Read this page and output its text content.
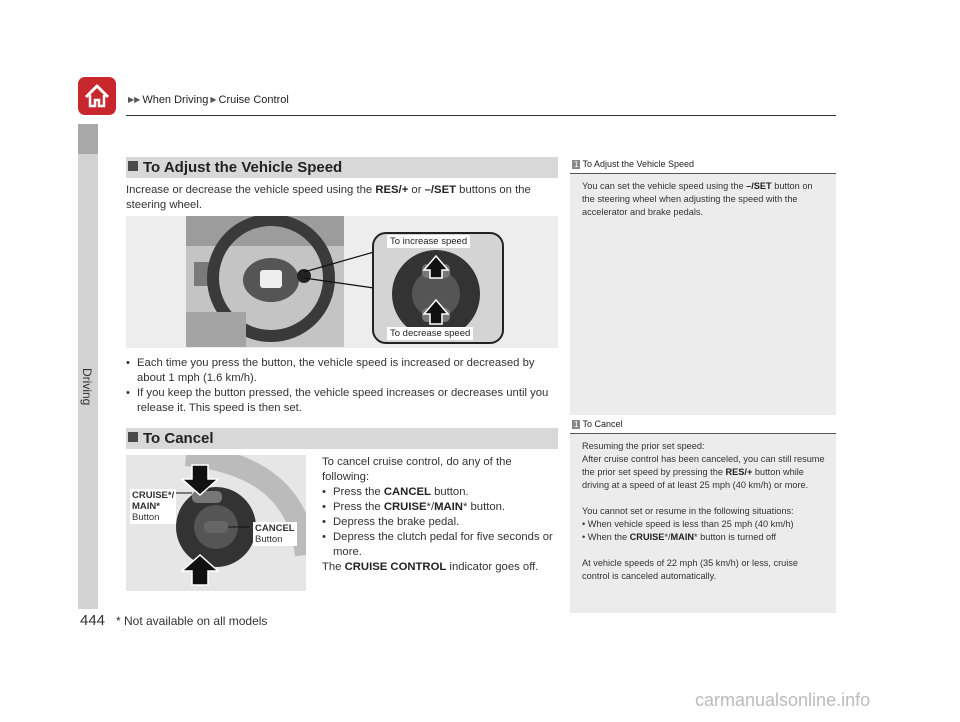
▶▶ When Driving ▶ Cruise Control
Driving
444 * Not available on all models
To Adjust the Vehicle Speed
Increase or decrease the vehicle speed using the RES/+ or –/SET buttons on the
steering wheel.
To increase speed
To decrease speed
• Each time you press the button, the vehicle speed is increased or decreased by about 1 mph (1.6 km/h).
• If you keep the button pressed, the vehicle speed increases or decreases until you release it. This speed is then set.
To Cancel
CRUISE*/
MAIN*
Button
CANCEL
Button
To cancel cruise control, do any of the following:
• Press the CANCEL button.
• Press the CRUISE*/MAIN* button.
• Depress the brake pedal.
• Depress the clutch pedal for five seconds or more.
The CRUISE CONTROL indicator goes off.
1 To Adjust the Vehicle Speed
You can set the vehicle speed using the –/SET button on the steering wheel when adjusting the speed with the accelerator and brake pedals.
1 To Cancel
Resuming the prior set speed:
After cruise control has been canceled, you can still resume the prior set speed by pressing the RES/+ button while driving at a speed of at least 25 mph (40 km/h) or more.
You cannot set or resume in the following situations:
• When vehicle speed is less than 25 mph (40 km/h)
• When the CRUISE*/MAIN* button is turned off
At vehicle speeds of 22 mph (35 km/h) or less, cruise control is canceled automatically.
carmanualsonline.info
